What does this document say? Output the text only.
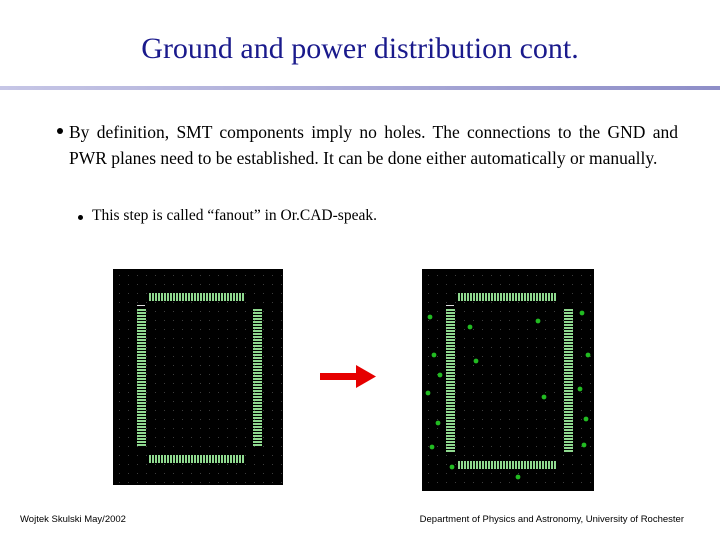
Ground and power distribution cont.
By definition, SMT components imply no holes. The connections to the GND and PWR planes need to be established. It can be done either automatically or manually.
This step is called “fanout” in Or.CAD-speak.
Wojtek Skulski May/2002	Department of Physics and Astronomy, University of Rochester
